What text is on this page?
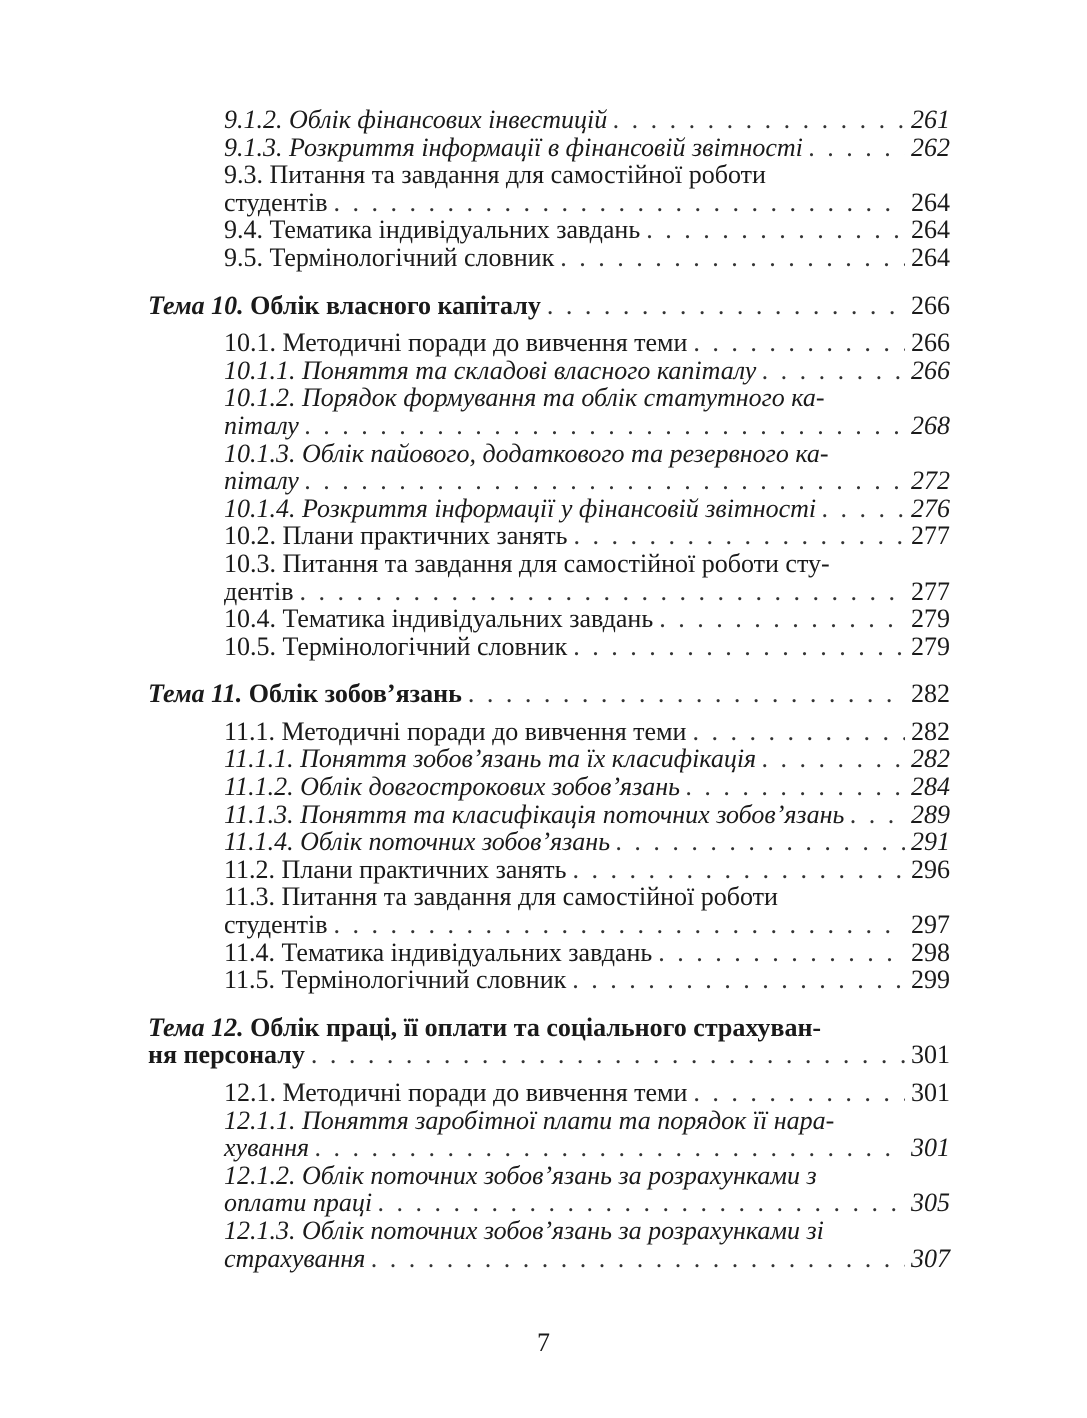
9.1.2. Облік фінансових інвестицій . . .	261
9.1.3. Розкриття інформації в фінансовій звітності . . .	262
9.3. Питання та завдання для самостійної роботи
студентів . . .	264
9.4. Тематика індивідуальних завдань . . .	264
9.5. Термінологічний словник . . .	264
Тема 10. Облік власного капіталу . . .	266
10.1. Методичні поради до вивчення теми . . .	266
10.1.1. Поняття та складові власного капіталу . . .	266
10.1.2. Порядок формування та облік статутного ка-
піталу . . .	268
10.1.3. Облік пайового, додаткового та резервного ка-
піталу . . .	272
10.1.4. Розкриття інформації у фінансовій звітності . . .	276
10.2. Плани практичних занять . . .	277
10.3. Питання та завдання для самостійної роботи сту-
дентів . . .	277
10.4. Тематика індивідуальних завдань . . .	279
10.5. Термінологічний словник . . .	279
Тема 11. Облік зобов’язань . . .	282
11.1. Методичні поради до вивчення теми . . .	282
11.1.1. Поняття зобов’язань та їх класифікація . . .	282
11.1.2. Облік довгострокових зобов’язань . . .	284
11.1.3. Поняття та класифікація поточних зобов’язань . . .	289
11.1.4. Облік поточних зобов’язань . . .	291
11.2. Плани практичних занять . . .	296
11.3. Питання та завдання для самостійної роботи
студентів . . .	297
11.4. Тематика індивідуальних завдань . . .	298
11.5. Термінологічний словник . . .	299
Тема 12. Облік праці, її оплати та соціального страхуван-
ня персоналу . . .	301
12.1. Методичні поради до вивчення теми . . .	301
12.1.1. Поняття заробітної плати та порядок її нара-
хування . . .	301
12.1.2. Облік поточних зобов’язань за розрахунками з
оплати праці . . .	305
12.1.3. Облік поточних зобов’язань за розрахунками зі
страхування . . .	307
7
